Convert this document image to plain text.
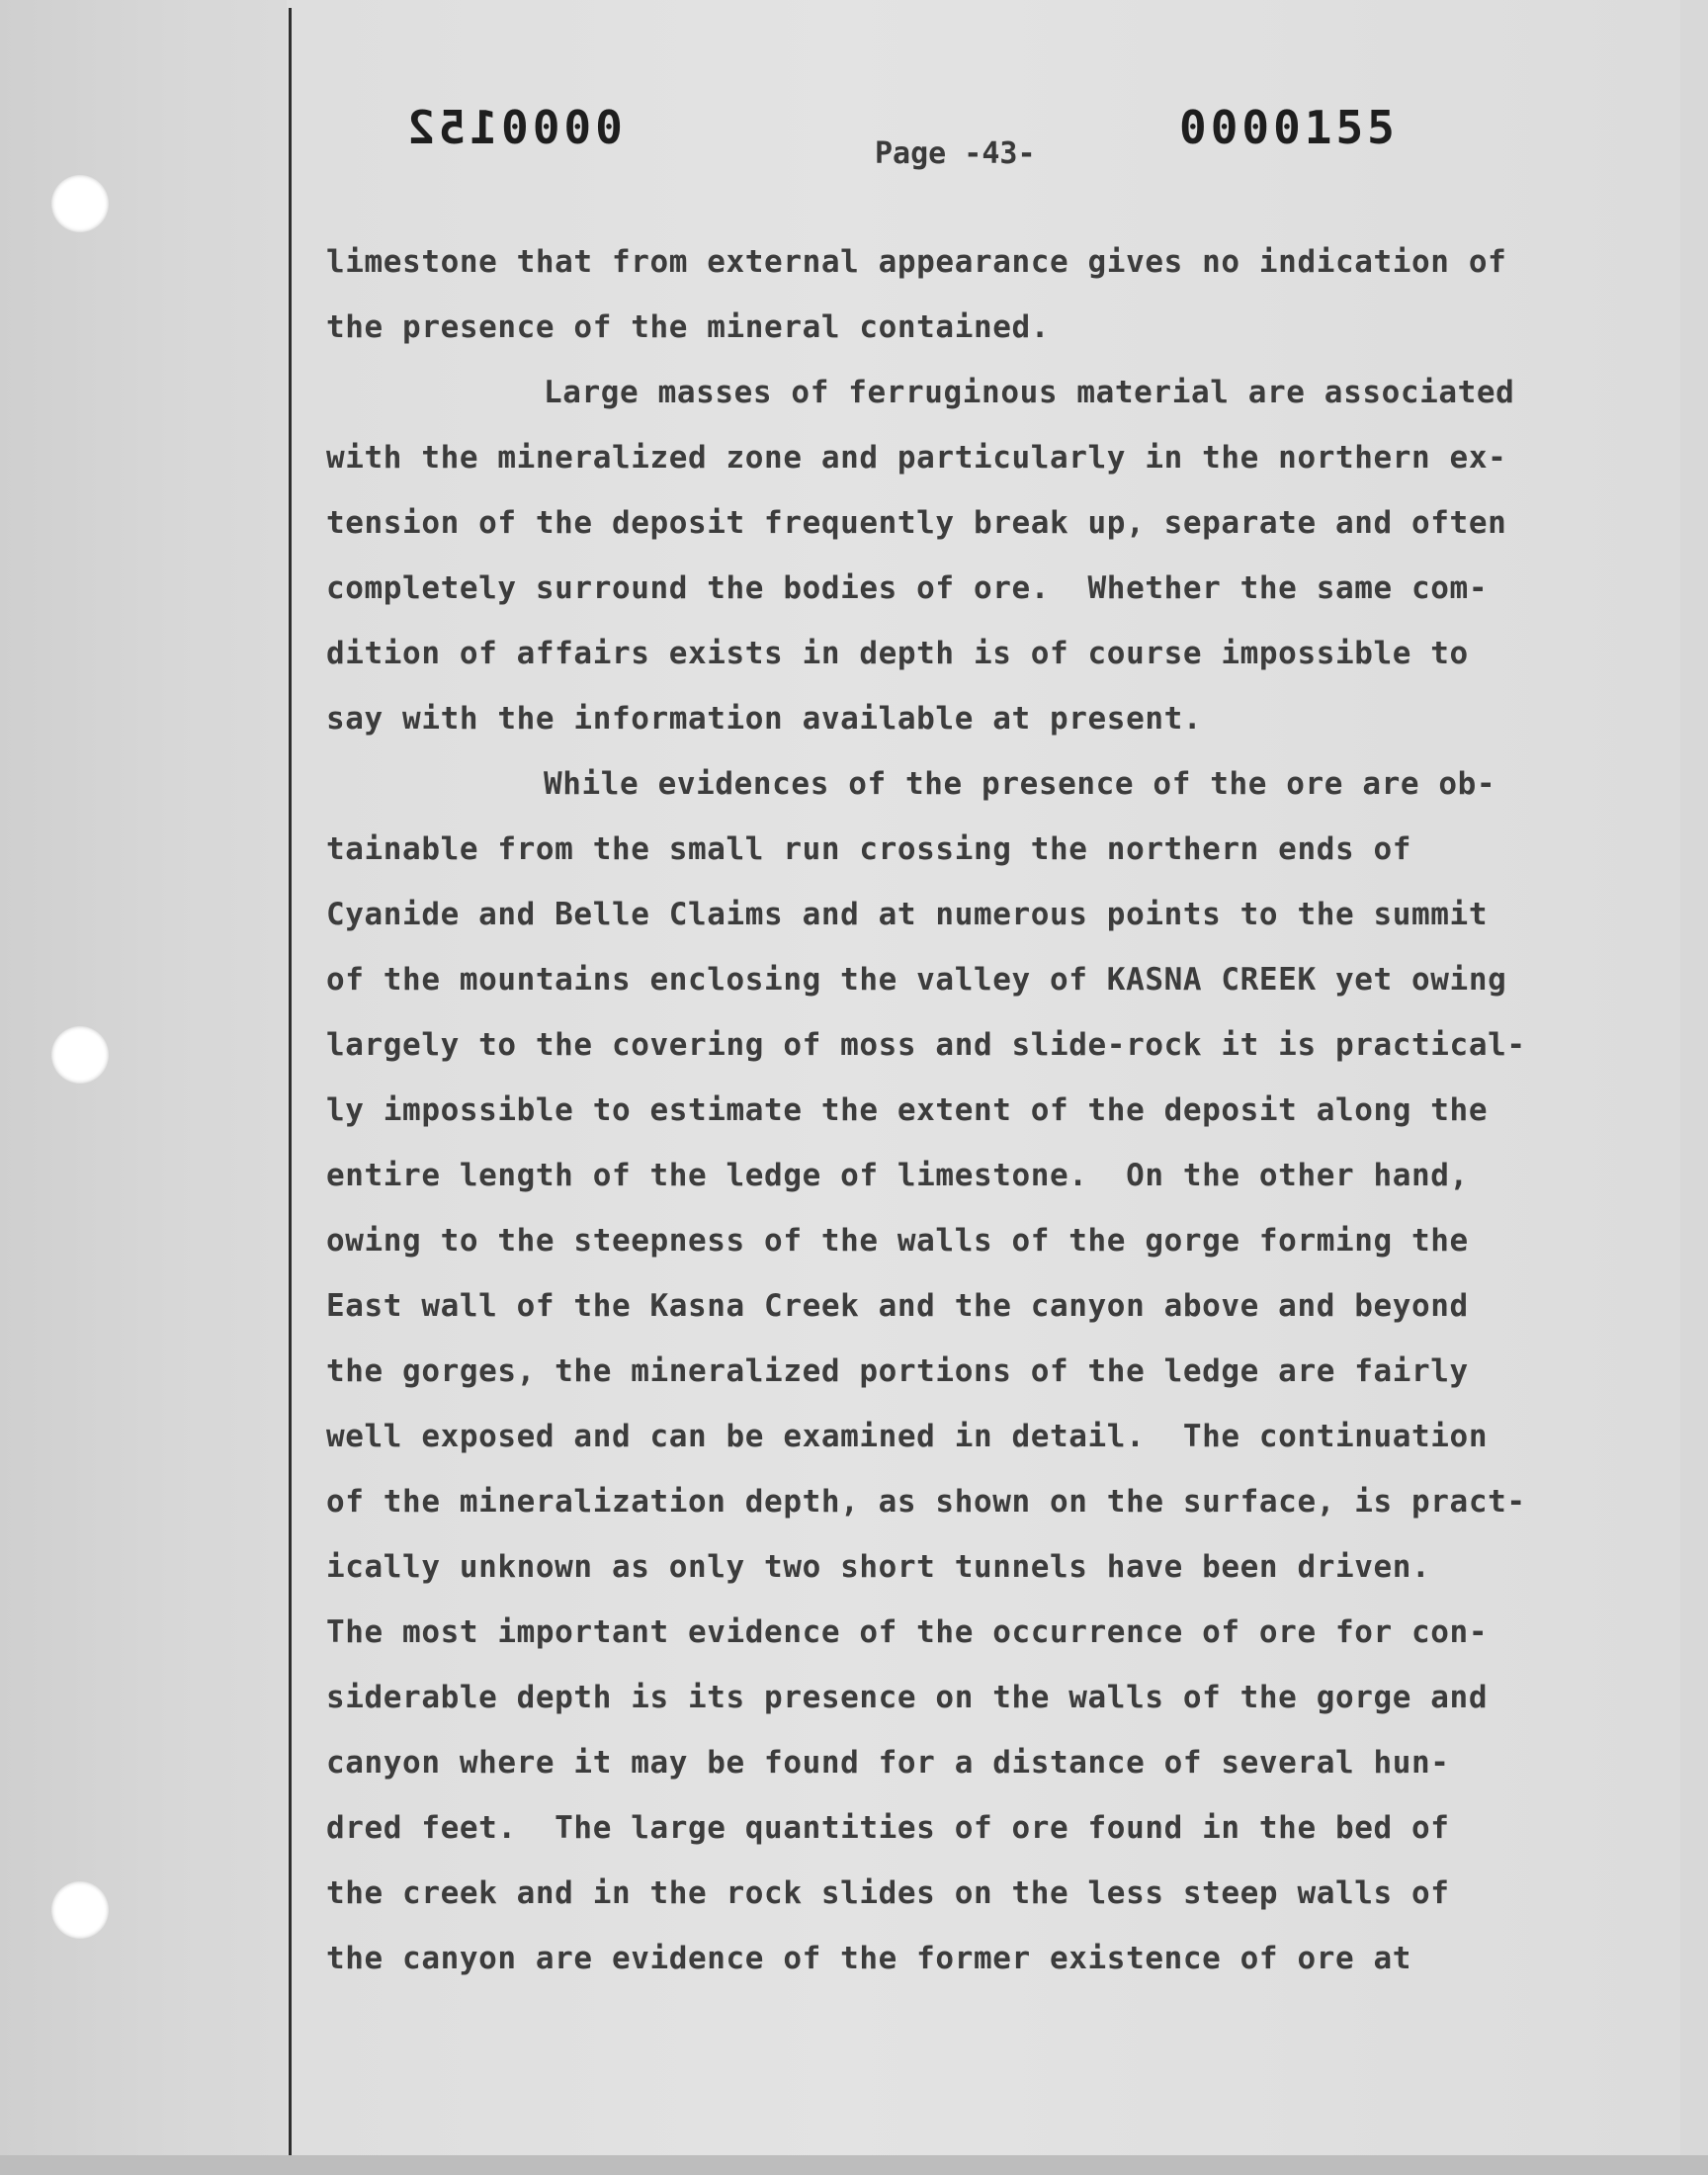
0000152	0000155
Page -43-
limestone that from external appearance gives no indication of
the presence of the mineral contained.
Large masses of ferruginous material are associated
with the mineralized zone and particularly in the northern ex-
tension of the deposit frequently break up, separate and often
completely surround the bodies of ore.  Whether the same com-
dition of affairs exists in depth is of course impossible to
say with the information available at present.
While evidences of the presence of the ore are ob-
tainable from the small run crossing the northern ends of
Cyanide and Belle Claims and at numerous points to the summit
of the mountains enclosing the valley of KASNA CREEK yet owing
largely to the covering of moss and slide-rock it is practical-
ly impossible to estimate the extent of the deposit along the
entire length of the ledge of limestone.  On the other hand,
owing to the steepness of the walls of the gorge forming the
East wall of the Kasna Creek and the canyon above and beyond
the gorges, the mineralized portions of the ledge are fairly
well exposed and can be examined in detail.  The continuation
of the mineralization depth, as shown on the surface, is pract-
ically unknown as only two short tunnels have been driven.
The most important evidence of the occurrence of ore for con-
siderable depth is its presence on the walls of the gorge and
canyon where it may be found for a distance of several hun-
dred feet.  The large quantities of ore found in the bed of
the creek and in the rock slides on the less steep walls of
the canyon are evidence of the former existence of ore at
